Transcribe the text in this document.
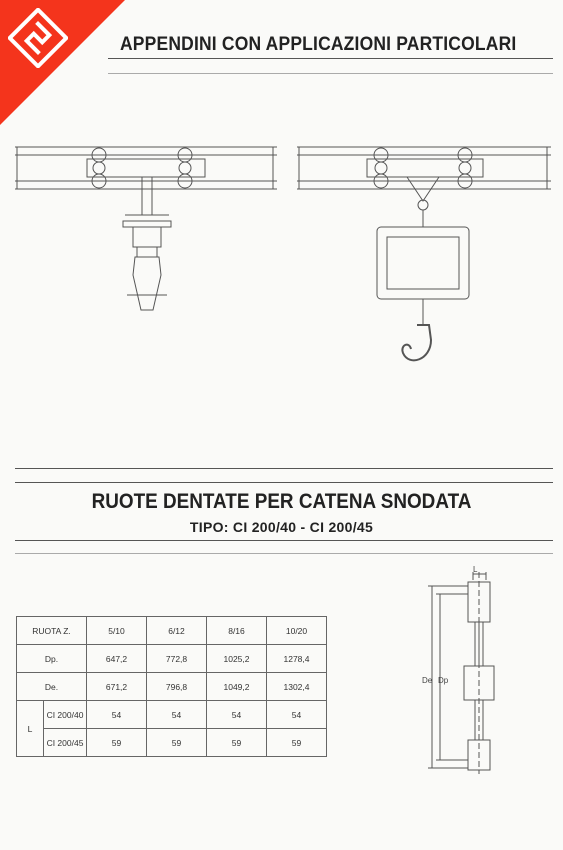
APPENDINI CON APPLICAZIONI PARTICOLARI
RUOTE DENTATE PER CATENA SNODATA
TIPO: CI 200/40 - CI 200/45
RUOTA Z.		5/10	6/12	8/16	10/20
Dp.		647,2	772,8	1025,2	1278,4
De.		671,2	796,8	1049,2	1302,4
L	CI 200/40	54	54	54	54
	CI 200/45	59	59	59	59
De Dp
L
